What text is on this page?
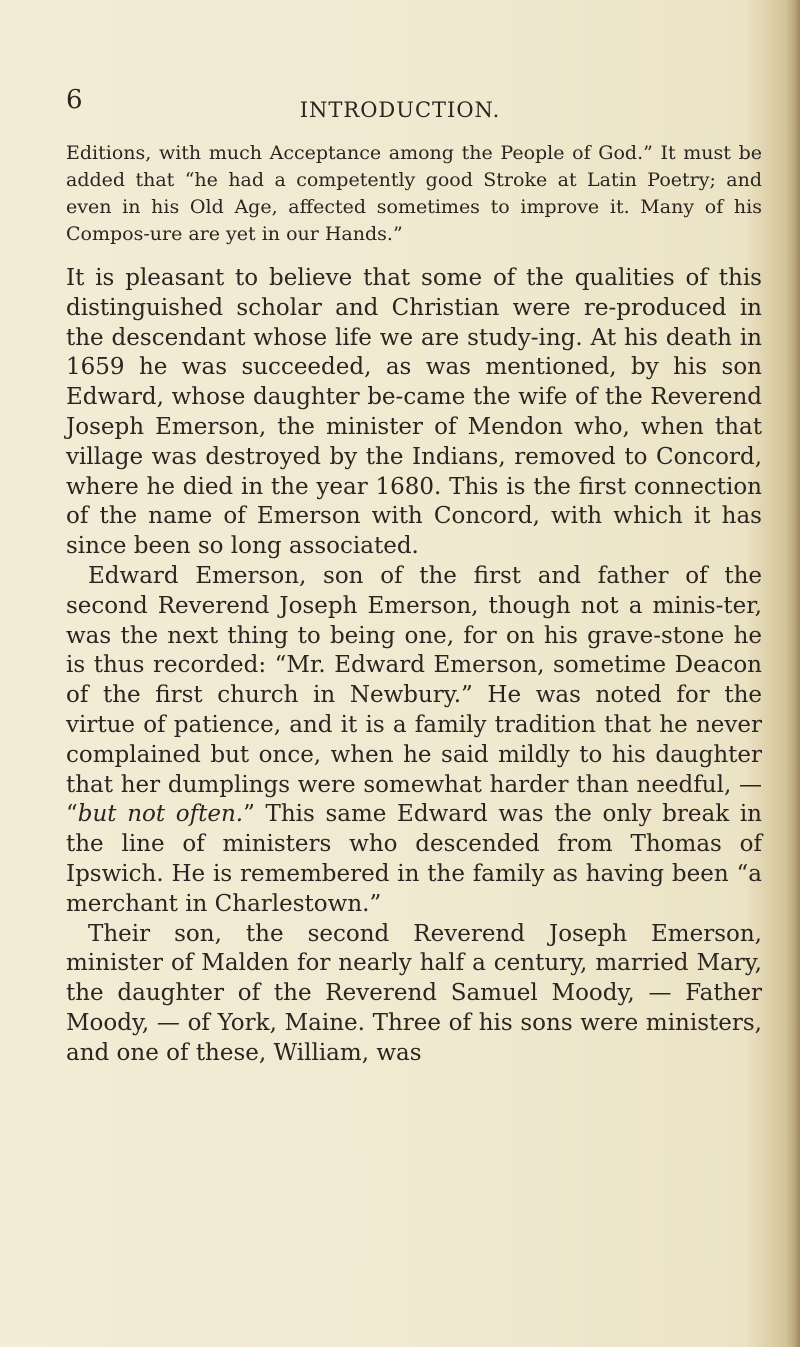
6	INTRODUCTION.

Editions, with much Acceptance among the People of God.” It must be added that “he had a competently good Stroke at Latin Poetry; and even in his Old Age, affected sometimes to improve it. Many of his Compos-ure are yet in our Hands.”

It is pleasant to believe that some of the qualities of this distinguished scholar and Christian were re-produced in the descendant whose life we are study-ing. At his death in 1659 he was succeeded, as was mentioned, by his son Edward, whose daughter be-came the wife of the Reverend Joseph Emerson, the minister of Mendon who, when that village was destroyed by the Indians, removed to Concord, where he died in the year 1680. This is the first connection of the name of Emerson with Concord, with which it has since been so long associated.

Edward Emerson, son of the first and father of the second Reverend Joseph Emerson, though not a minis-ter, was the next thing to being one, for on his grave-stone he is thus recorded: “Mr. Edward Emerson, sometime Deacon of the first church in Newbury.” He was noted for the virtue of patience, and it is a family tradition that he never complained but once, when he said mildly to his daughter that her dumplings were somewhat harder than needful, — “but not often.” This same Edward was the only break in the line of ministers who descended from Thomas of Ipswich. He is remembered in the family as having been “a merchant in Charlestown.”

Their son, the second Reverend Joseph Emerson, minister of Malden for nearly half a century, married Mary, the daughter of the Reverend Samuel Moody, — Father Moody, — of York, Maine. Three of his sons were ministers, and one of these, William, was
